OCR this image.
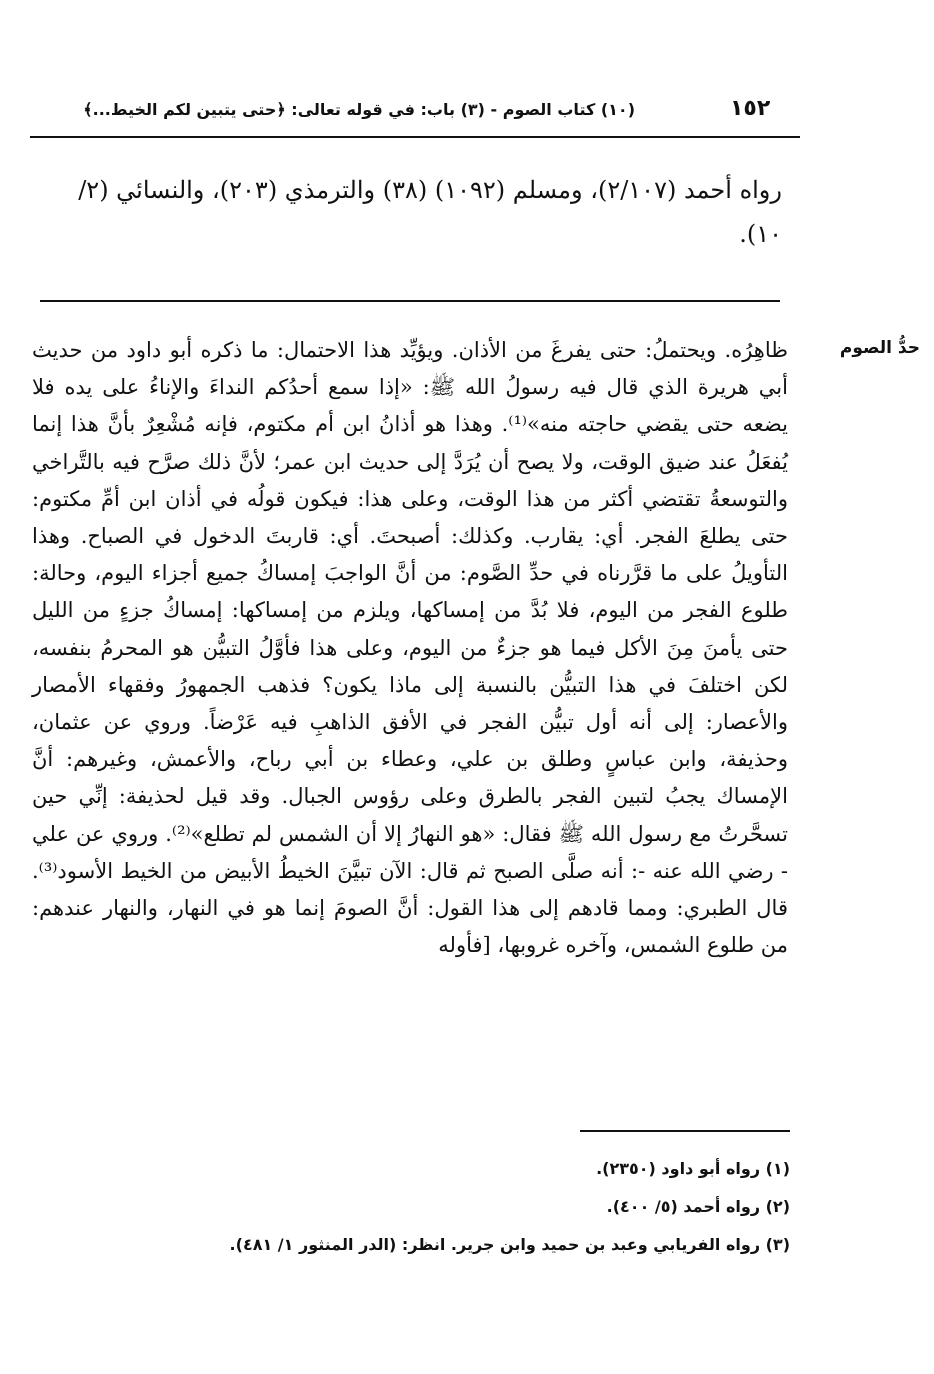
١٥٢
(١٠) كتاب الصوم - (٣) باب: في قوله تعالى: ﴿حتى يتبين لكم الخيط...﴾
رواه أحمد (٢/١٠٧)، ومسلم (١٠٩٢) (٣٨) والترمذي (٢٠٣)، والنسائي (٢/ ١٠).
حدُّ الصوم

ظاهِرُه. ويحتملُ: حتى يفرغَ من الأذان. ويؤيِّد هذا الاحتمال: ما ذكره أبو داود من حديث أبي هريرة الذي قال فيه رسولُ الله ﷺ: «إذا سمع أحدُكم النداءَ والإناءُ على يده فلا يضعه حتى يقضي حاجته منه»⁽¹⁾. وهذا هو أذانُ ابن أم مكتوم، فإنه مُشْعِرٌ بأنَّ هذا إنما يُفعَلُ عند ضيق الوقت، ولا يصح أن يُرَدَّ إلى حديث ابن عمر؛ لأنَّ ذلك صرَّح فيه بالتَّراخي والتوسعةُ تقتضي أكثر من هذا الوقت، وعلى هذا: فيكون قولُه في أذان ابن أمِّ مكتوم: حتى يطلعَ الفجر. أي: يقارب. وكذلك: أصبحتَ. أي: قاربتَ الدخول في الصباح. وهذا التأويلُ على ما قرَّرناه في حدِّ الصَّوم: من أنَّ الواجبَ إمساكُ جميع أجزاء اليوم، وحالة: طلوع الفجر من اليوم، فلا بُدَّ من إمساكها، ويلزم من إمساكها: إمساكُ جزءٍ من الليل حتى يأمنَ مِنَ الأكل فيما هو جزءٌ من اليوم، وعلى هذا فأوَّلُ التبيُّن هو المحرمُ بنفسه، لكن اختلفَ في هذا التبيُّن بالنسبة إلى ماذا يكون؟ فذهب الجمهورُ وفقهاء الأمصار والأعصار: إلى أنه أول تبيُّن الفجر في الأفق الذاهبِ فيه عَرْضاً. وروي عن عثمان، وحذيفة، وابن عباسٍ وطلق بن علي، وعطاء بن أبي رباح، والأعمش، وغيرهم: أنَّ الإمساك يجبُ لتبين الفجر بالطرق وعلى رؤوس الجبال. وقد قيل لحذيفة: إنِّي حين تسحَّرتُ مع رسول الله ﷺ فقال: «هو النهارُ إلا أن الشمس لم تطلع»⁽²⁾. وروي عن علي - رضي الله عنه -: أنه صلَّى الصبح ثم قال: الآن تبيَّنَ الخيطُ الأبيض من الخيط الأسود⁽³⁾. قال الطبري: ومما قادهم إلى هذا القول: أنَّ الصومَ إنما هو في النهار، والنهار عندهم: من طلوع الشمس، وآخره غروبها، [فأوله

(١) رواه أبو داود (٢٣٥٠).
(٢) رواه أحمد (٥/ ٤٠٠).
(٣) رواه الفريابي وعبد بن حميد وابن جرير. انظر: (الدر المنثور ١/ ٤٨١).
